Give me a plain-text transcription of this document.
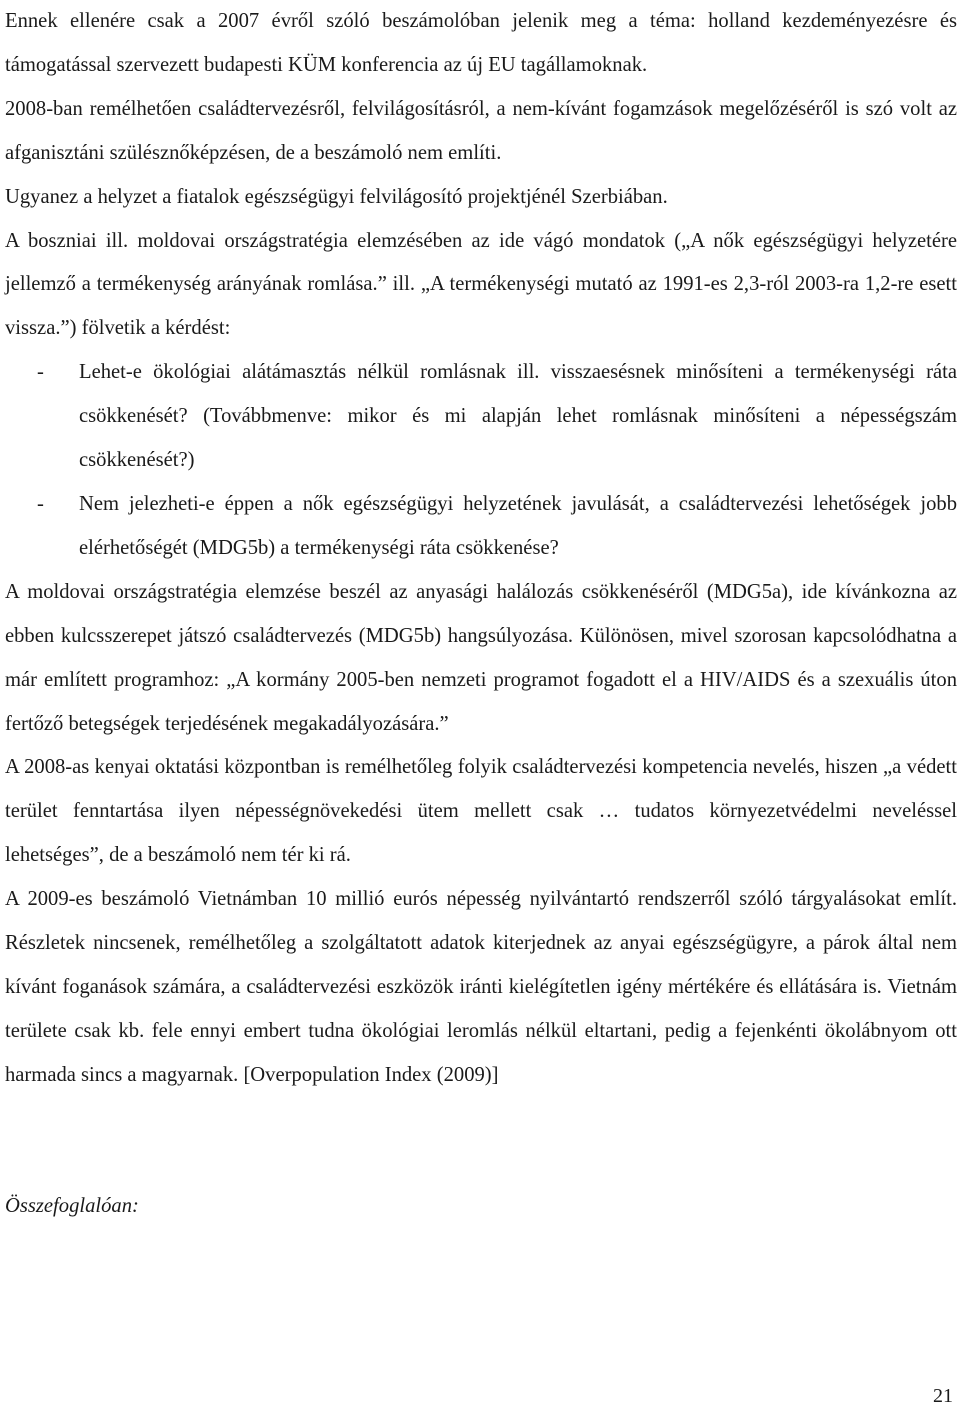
Ennek ellenére csak a 2007 évről szóló beszámolóban jelenik meg a téma: holland kezdeményezésre és támogatással szervezett budapesti KÜM konferencia az új EU tagállamoknak.

2008-ban remélhetően családtervezésről, felvilágosításról, a nem-kívánt fogamzások megelőzéséről is szó volt az afganisztáni szülésznőképzésen, de a beszámoló nem említi.

Ugyanez a helyzet a fiatalok egészségügyi felvilágosító projektjénél Szerbiában.

A boszniai ill. moldovai országstratégia elemzésében az ide vágó mondatok („A nők egészségügyi helyzetére jellemző a termékenység arányának romlása.” ill. „A termékenységi mutató az 1991-es 2,3-ról 2003-ra 1,2-re esett vissza.”) fölvetik a kérdést:

- Lehet-e ökológiai alátámasztás nélkül romlásnak ill. visszaesésnek minősíteni a termékenységi ráta csökkenését? (Továbbmenve: mikor és mi alapján lehet romlásnak minősíteni a népességszám csökkenését?)
- Nem jelezheti-e éppen a nők egészségügyi helyzetének javulását, a családtervezési lehetőségek jobb elérhetőségét (MDG5b) a termékenységi ráta csökkenése?

A moldovai országstratégia elemzése beszél az anyasági halálozás csökkenéséről (MDG5a), ide kívánkozna az ebben kulcsszerepet játszó családtervezés (MDG5b) hangsúlyozása. Különösen, mivel szorosan kapcsolódhatna a már említett programhoz: „A kormány 2005-ben nemzeti programot fogadott el a HIV/AIDS és a szexuális úton fertőző betegségek terjedésének megakadályozására.”

A 2008-as kenyai oktatási központban is remélhetőleg folyik családtervezési kompetencia nevelés, hiszen „a védett terület fenntartása ilyen népességnövekedési ütem mellett csak … tudatos környezetvédelmi neveléssel lehetséges”, de a beszámoló nem tér ki rá.

A 2009-es beszámoló Vietnámban 10 millió eurós népesség nyilvántartó rendszerről szóló tárgyalásokat említ. Részletek nincsenek, remélhetőleg a szolgáltatott adatok kiterjednek az anyai egészségügyre, a párok által nem kívánt foganások számára, a családtervezési eszközök iránti kielégítetlen igény mértékére és ellátására is. Vietnám területe csak kb. fele ennyi embert tudna ökológiai leromlás nélkül eltartani, pedig a fejenkénti ökolábnyom ott harmada sincs a magyarnak. [Overpopulation Index (2009)]

Összefoglalóan:

21
